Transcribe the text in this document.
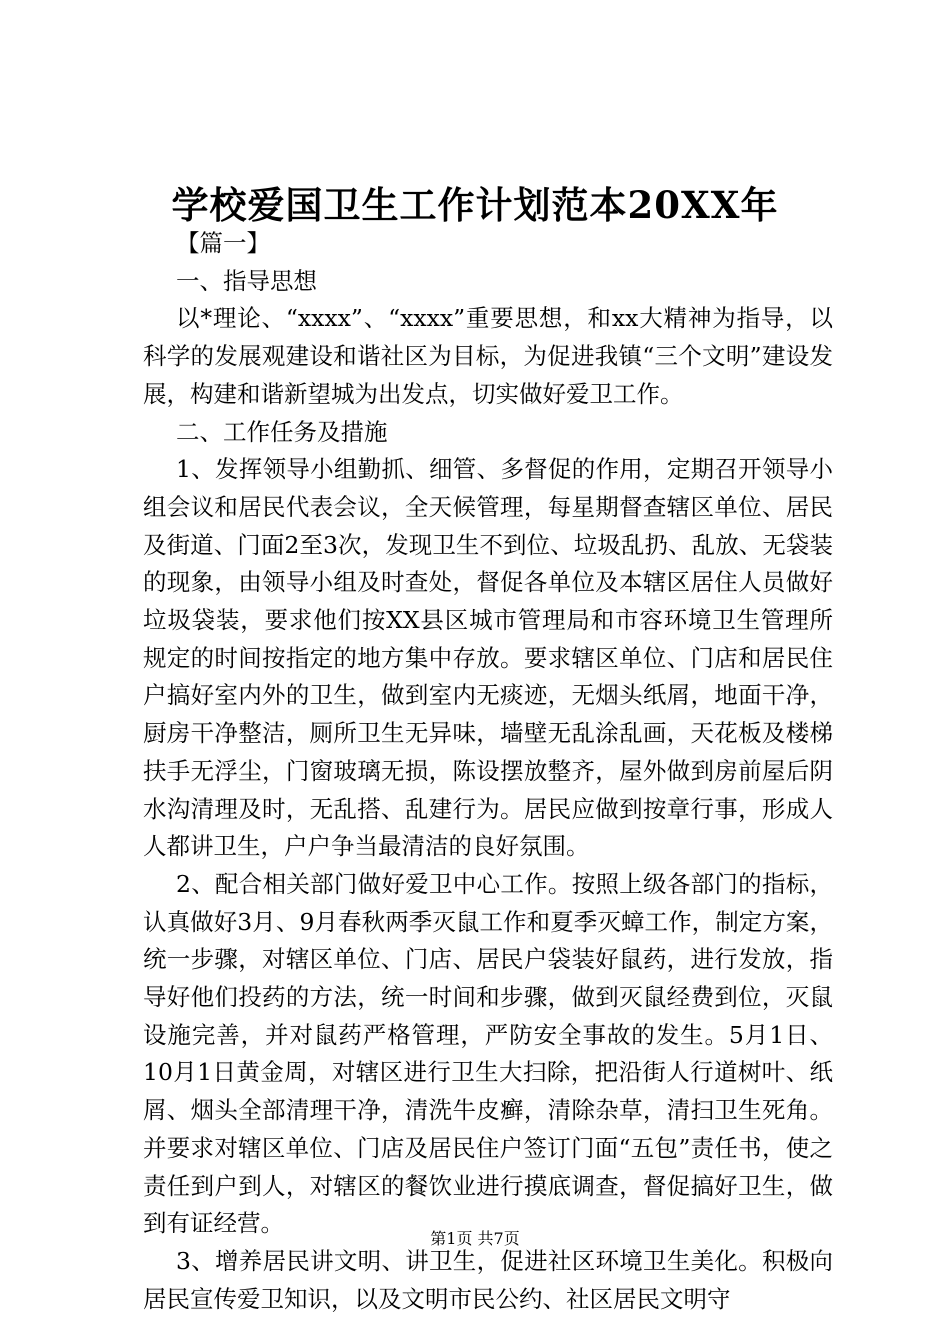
学校爱国卫生工作计划范本20XX年

【篇一】

一、指导思想

以*理论、“xxxx”、“xxxx”重要思想，和xx大精神为指导，以科学的发展观建设和谐社区为目标，为促进我镇“三个文明”建设发展，构建和谐新望城为出发点，切实做好爱卫工作。

二、工作任务及措施

1、发挥领导小组勤抓、细管、多督促的作用，定期召开领导小组会议和居民代表会议，全天候管理，每星期督查辖区单位、居民及街道、门面2至3次，发现卫生不到位、垃圾乱扔、乱放、无袋装的现象，由领导小组及时查处，督促各单位及本辖区居住人员做好垃圾袋装，要求他们按XX县区城市管理局和市容环境卫生管理所规定的时间按指定的地方集中存放。要求辖区单位、门店和居民住户搞好室内外的卫生，做到室内无痰迹，无烟头纸屑，地面干净，厨房干净整洁，厕所卫生无异味，墙壁无乱涂乱画，天花板及楼梯扶手无浮尘，门窗玻璃无损，陈设摆放整齐，屋外做到房前屋后阴水沟清理及时，无乱搭、乱建行为。居民应做到按章行事，形成人人都讲卫生，户户争当最清洁的良好氛围。

2、配合相关部门做好爱卫中心工作。按照上级各部门的指标，认真做好3月、9月春秋两季灭鼠工作和夏季灭蟑工作，制定方案，统一步骤，对辖区单位、门店、居民户袋装好鼠药，进行发放，指导好他们投药的方法，统一时间和步骤，做到灭鼠经费到位，灭鼠设施完善，并对鼠药严格管理，严防安全事故的发生。5月1日、10月1日黄金周，对辖区进行卫生大扫除，把沿街人行道树叶、纸屑、烟头全部清理干净，清洗牛皮癣，清除杂草，清扫卫生死角。并要求对辖区单位、门店及居民住户签订门面“五包”责任书，使之责任到户到人，对辖区的餐饮业进行摸底调查，督促搞好卫生，做到有证经营。

3、增养居民讲文明、讲卫生，促进社区环境卫生美化。积极向居民宣传爱卫知识，以及文明市民公约、社区居民文明守

第1页 共7页
